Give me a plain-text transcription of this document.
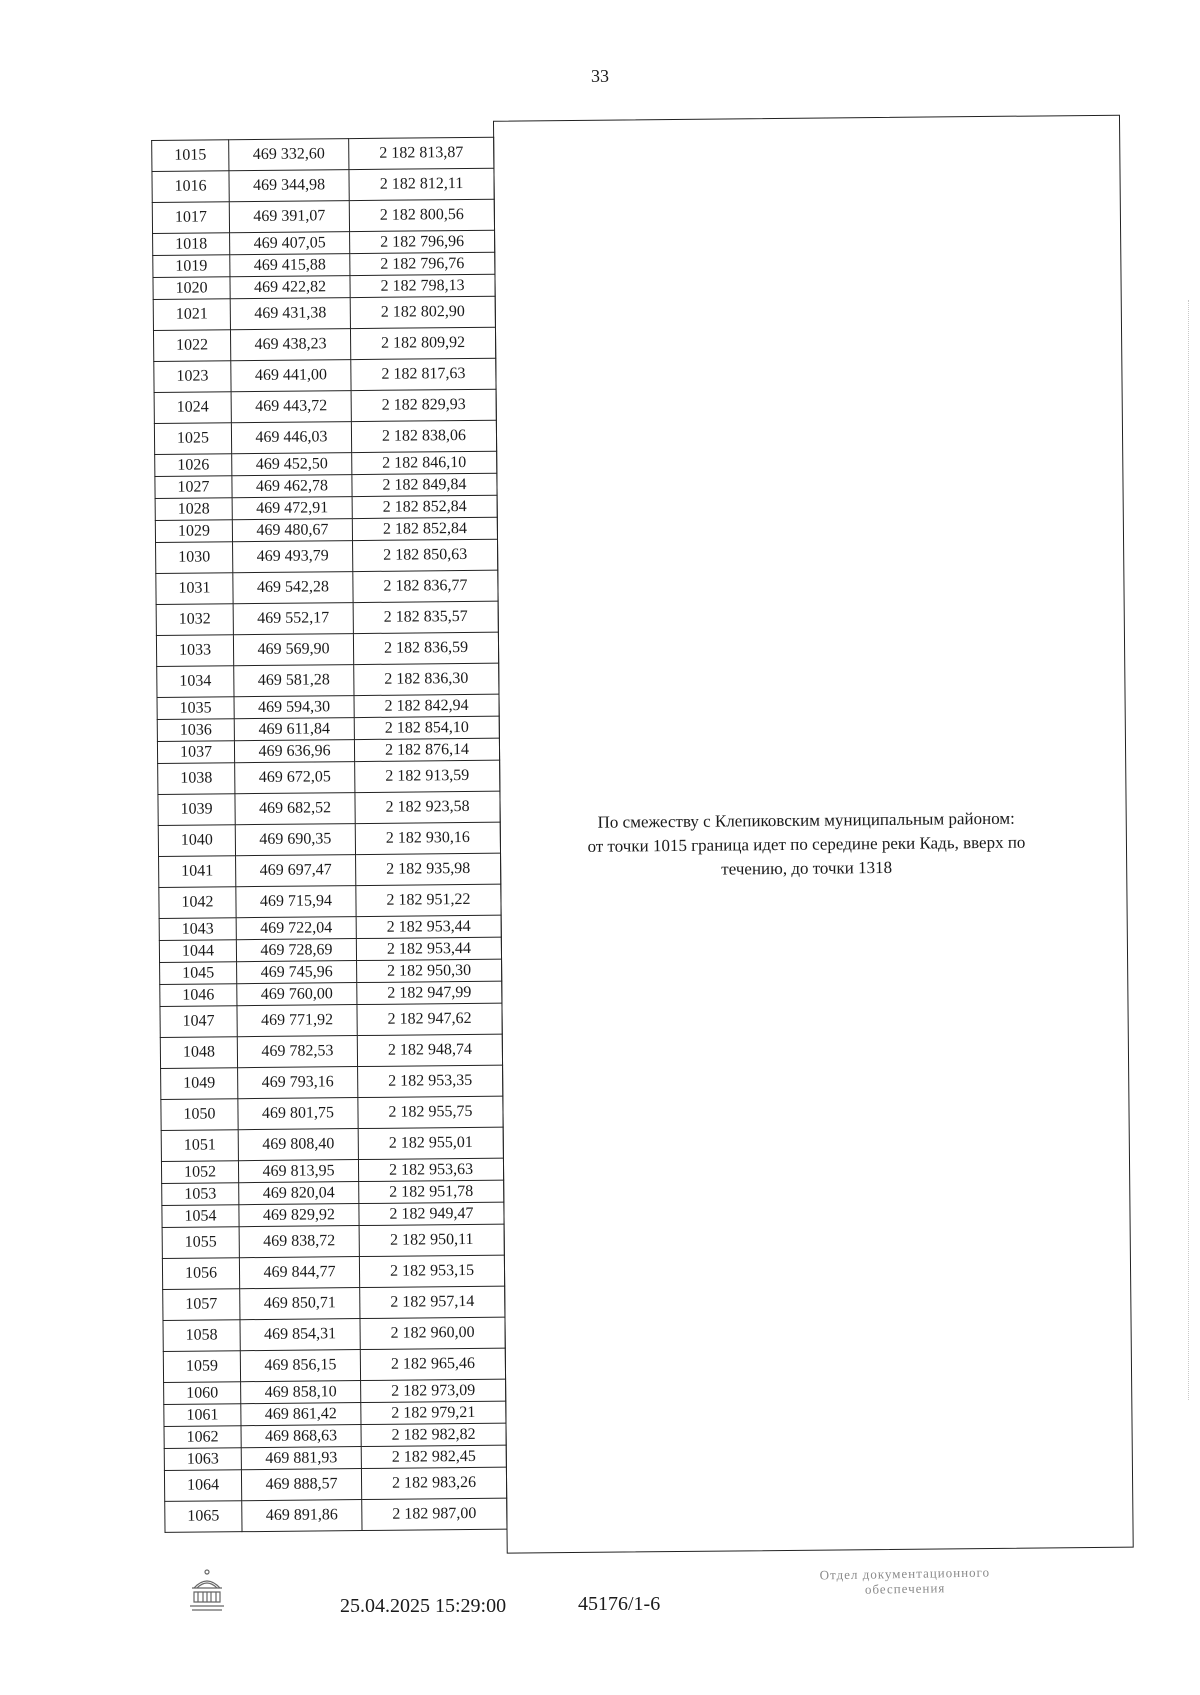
33
1015	469 332,60	2 182 813,87
1016	469 344,98	2 182 812,11
1017	469 391,07	2 182 800,56
1018	469 407,05	2 182 796,96
1019	469 415,88	2 182 796,76
1020	469 422,82	2 182 798,13
1021	469 431,38	2 182 802,90
1022	469 438,23	2 182 809,92
1023	469 441,00	2 182 817,63
1024	469 443,72	2 182 829,93
1025	469 446,03	2 182 838,06
1026	469 452,50	2 182 846,10
1027	469 462,78	2 182 849,84
1028	469 472,91	2 182 852,84
1029	469 480,67	2 182 852,84
1030	469 493,79	2 182 850,63
1031	469 542,28	2 182 836,77
1032	469 552,17	2 182 835,57
1033	469 569,90	2 182 836,59
1034	469 581,28	2 182 836,30
1035	469 594,30	2 182 842,94
1036	469 611,84	2 182 854,10
1037	469 636,96	2 182 876,14
1038	469 672,05	2 182 913,59
1039	469 682,52	2 182 923,58
1040	469 690,35	2 182 930,16
1041	469 697,47	2 182 935,98
1042	469 715,94	2 182 951,22
1043	469 722,04	2 182 953,44
1044	469 728,69	2 182 953,44
1045	469 745,96	2 182 950,30
1046	469 760,00	2 182 947,99
1047	469 771,92	2 182 947,62
1048	469 782,53	2 182 948,74
1049	469 793,16	2 182 953,35
1050	469 801,75	2 182 955,75
1051	469 808,40	2 182 955,01
1052	469 813,95	2 182 953,63
1053	469 820,04	2 182 951,78
1054	469 829,92	2 182 949,47
1055	469 838,72	2 182 950,11
1056	469 844,77	2 182 953,15
1057	469 850,71	2 182 957,14
1058	469 854,31	2 182 960,00
1059	469 856,15	2 182 965,46
1060	469 858,10	2 182 973,09
1061	469 861,42	2 182 979,21
1062	469 868,63	2 182 982,82
1063	469 881,93	2 182 982,45
1064	469 888,57	2 182 983,26
1065	469 891,86	2 182 987,00
По смежеству с Клепиковским муниципальным районом:
от точки 1015 граница идет по середине реки Кадь, вверх по
течению, до точки 1318
25.04.2025 15:29:00	45176/1-6
Отдел документационного
обеспечения
